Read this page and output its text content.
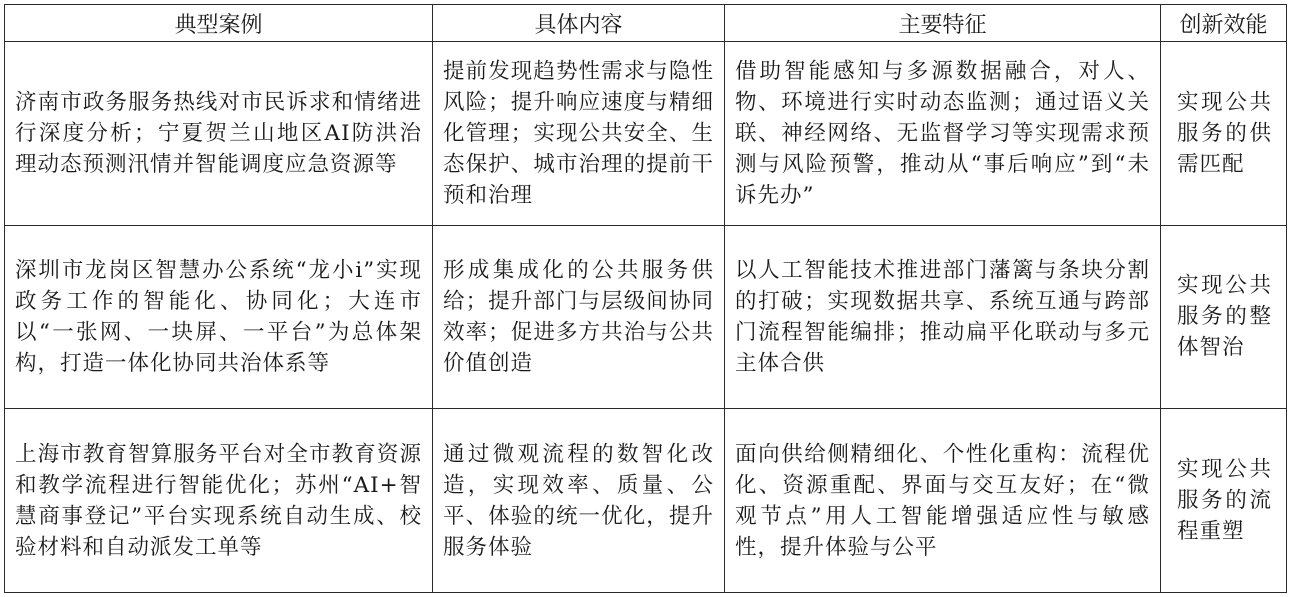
典型案例	具体内容	主要特征	创新效能

济南市政务服务热线对市民诉求和情绪进行深度分析；宁夏贺兰山地区AI防洪治理动态预测汛情并智能调度应急资源等	提前发现趋势性需求与隐性风险；提升响应速度与精细化管理；实现公共安全、生态保护、城市治理的提前干预和治理	借助智能感知与多源数据融合，对人、物、环境进行实时动态监测；通过语义关联、神经网络、无监督学习等实现需求预测与风险预警，推动从“事后响应”到“未诉先办”	实现公共服务的供需匹配

深圳市龙岗区智慧办公系统“龙小i”实现政务工作的智能化、协同化；大连市以“一张网、一块屏、一平台”为总体架构，打造一体化协同共治体系等	形成集成化的公共服务供给；提升部门与层级间协同效率；促进多方共治与公共价值创造	以人工智能技术推进部门藩篱与条块分割的打破；实现数据共享、系统互通与跨部门流程智能编排；推动扁平化联动与多元主体合供	实现公共服务的整体智治

上海市教育智算服务平台对全市教育资源和教学流程进行智能优化；苏州“AI+智慧商事登记”平台实现系统自动生成、校验材料和自动派发工单等	通过微观流程的数智化改造，实现效率、质量、公平、体验的统一优化，提升服务体验	面向供给侧精细化、个性化重构：流程优化、资源重配、界面与交互友好；在“微观节点”用人工智能增强适应性与敏感性，提升体验与公平	实现公共服务的流程重塑
